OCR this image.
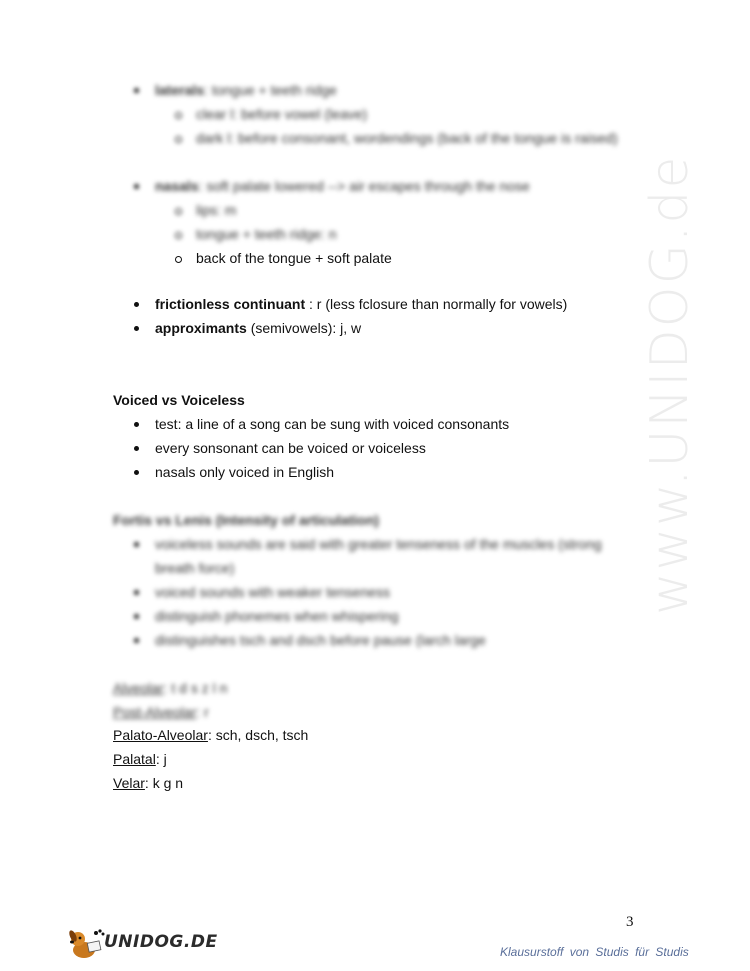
www.UNIDOG.de
laterals: tongue + teeth ridge
clear l: before vowel (leave)
dark l: before consonant, wordendings (back of the tongue is raised)
nasals: soft palate lowered --> air escapes through the nose
lips: m
tongue + teeth ridge: n
back of the tongue + soft palate
frictionless continuant : r (less fclosure than normally for vowels)
approximants (semivowels): j, w
Voiced vs Voiceless
test: a line of a song can be sung with voiced consonants
every sonsonant can be voiced or voiceless
nasals only voiced in English
Fortis vs Lenis (Intensity of articulation)
voiceless sounds are said with greater tenseness of the muscles (strong
breath force)
voiced sounds with weaker tenseness
distinguish phonemes when whispering
distinguishes tsch and dsch before pause (larch large
Alveolar: t d s z l n
Post-Alveolar: r
Palato-Alveolar: sch, dsch, tsch
Palatal: j
Velar: k g n
3
UNIDOG.DE	Klausurstoff von Studis für Studis
